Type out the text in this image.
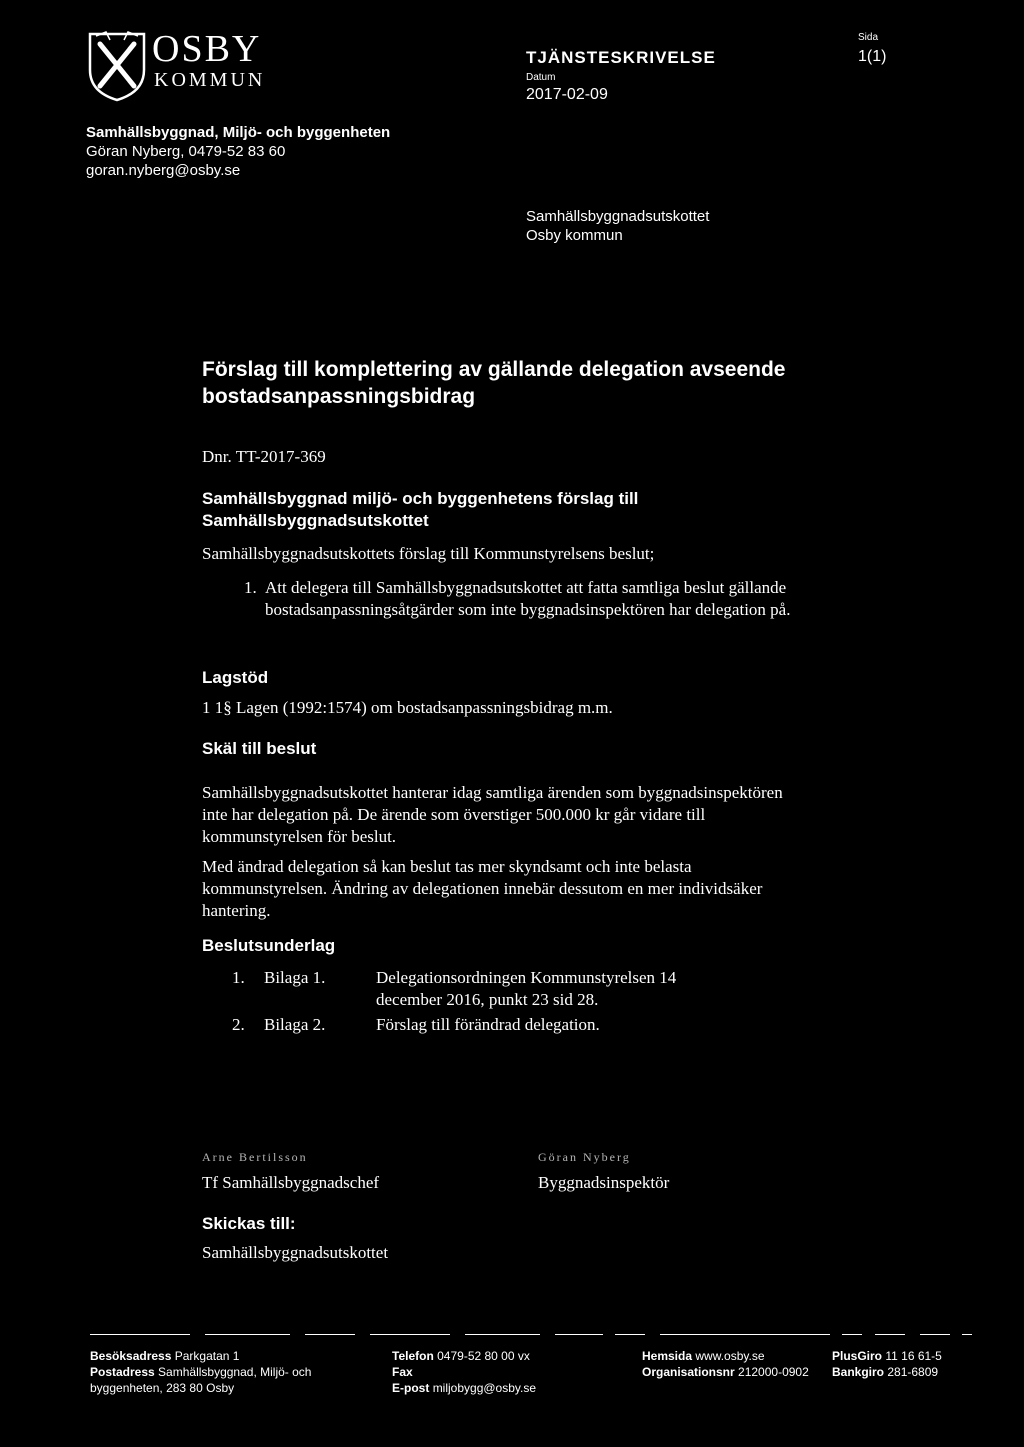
OSBY
KOMMUN
TJÄNSTESKRIVELSE
Datum
2017-02-09
Sida
1(1)
Samhällsbyggnad, Miljö- och byggenheten
Göran Nyberg, 0479-52 83 60
goran.nyberg@osby.se
Samhällsbyggnadsutskottet
Osby kommun
Förslag till komplettering av gällande delegation avseende bostadsanpassningsbidrag
Dnr. TT-2017-369
Samhällsbyggnad miljö- och byggenhetens förslag till Samhällsbyggnadsutskottet
Samhällsbyggnadsutskottets förslag till Kommunstyrelsens beslut;
1. Att delegera till Samhällsbyggnadsutskottet att fatta samtliga beslut gällande bostadsanpassningsåtgärder som inte byggnadsinspektören har delegation på.
Lagstöd
1 1§ Lagen (1992:1574) om bostadsanpassningsbidrag m.m.
Skäl till beslut
Samhällsbyggnadsutskottet hanterar idag samtliga ärenden som byggnadsinspektören inte har delegation på. De ärende som överstiger 500.000 kr går vidare till kommunstyrelsen för beslut.
Med ändrad delegation så kan beslut tas mer skyndsamt och inte belasta kommunstyrelsen. Ändring av delegationen innebär dessutom en mer individsäker hantering.
Beslutsunderlag
1. Bilaga 1.	Delegationsordningen Kommunstyrelsen 14 december 2016, punkt 23 sid 28.
2. Bilaga 2.	Förslag till förändrad delegation.
Arne Bertilsson	Göran Nyberg
Tf Samhällsbyggnadschef	Byggnadsinspektör
Skickas till:
Samhällsbyggnadsutskottet
Besöksadress Parkgatan 1
Postadress Samhällsbyggnad, Miljö- och byggenheten, 283 80 Osby
Telefon 0479-52 80 00 vx
Fax
E-post miljobygg@osby.se
Hemsida www.osby.se
Organisationsnr 212000-0902
PlusGiro 11 16 61-5
Bankgiro 281-6809
